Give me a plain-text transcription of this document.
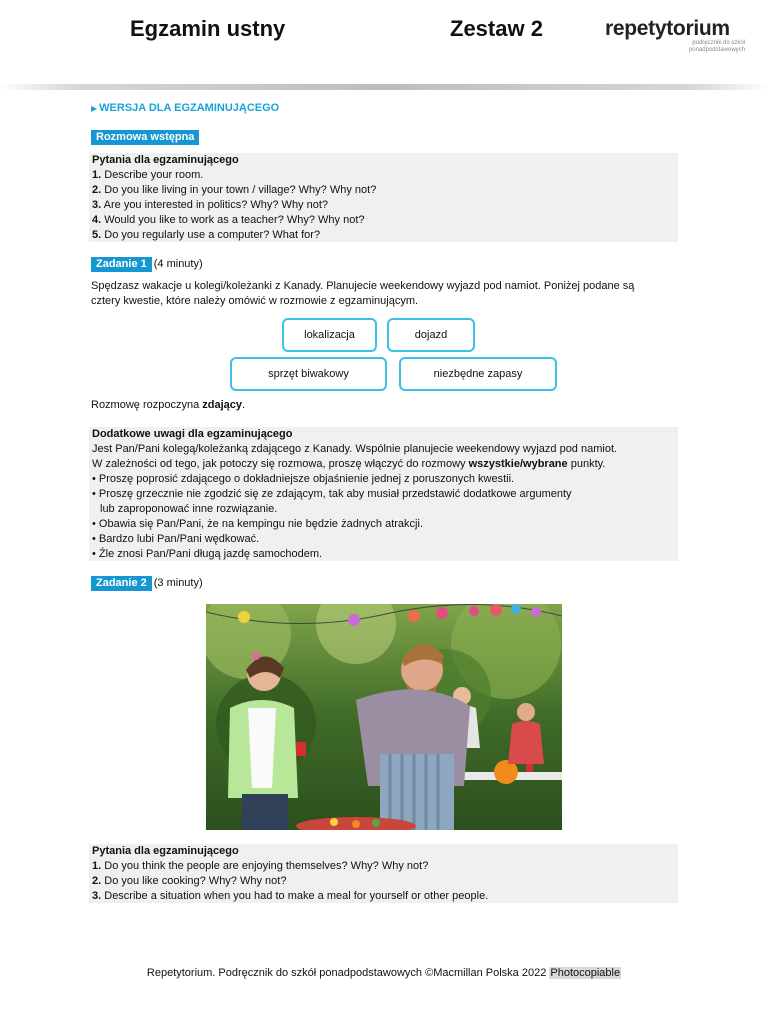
Egzamin ustny	Zestaw 2	repetytorium
podręcznik do szkół
ponadpodstawowych
▶ WERSJA DLA EGZAMINUJĄCEGO
Rozmowa wstępna
Pytania dla egzaminującego
1. Describe your room.
2. Do you like living in your town / village? Why? Why not?
3. Are you interested in politics? Why? Why not?
4. Would you like to work as a teacher? Why? Why not?
5. Do you regularly use a computer? What for?
Zadanie 1 (4 minuty)
Spędzasz wakacje u kolegi/koleżanki z Kanady. Planujecie weekendowy wyjazd pod namiot. Poniżej podane są
cztery kwestie, które należy omówić w rozmowie z egzaminującym.
lokalizacja	dojazd
sprzęt biwakowy	niezbędne zapasy
Rozmowę rozpoczyna zdający.
Dodatkowe uwagi dla egzaminującego
Jest Pan/Pani kolegą/koleżanką zdającego z Kanady. Wspólnie planujecie weekendowy wyjazd pod namiot.
W zależności od tego, jak potoczy się rozmowa, proszę włączyć do rozmowy wszystkie/wybrane punkty.
• Proszę poprosić zdającego o dokładniejsze objaśnienie jednej z poruszonych kwestii.
• Proszę grzecznie nie zgodzić się ze zdającym, tak aby musiał przedstawić dodatkowe argumenty
lub zaproponować inne rozwiązanie.
• Obawia się Pan/Pani, że na kempingu nie będzie żadnych atrakcji.
• Bardzo lubi Pan/Pani wędkować.
• Źle znosi Pan/Pani długą jazdę samochodem.
Zadanie 2 (3 minuty)
Pytania dla egzaminującego
1. Do you think the people are enjoying themselves? Why? Why not?
2. Do you like cooking? Why? Why not?
3. Describe a situation when you had to make a meal for yourself or other people.
Repetytorium. Podręcznik do szkół ponadpodstawowych ©Macmillan Polska 2022 Photocopiable
